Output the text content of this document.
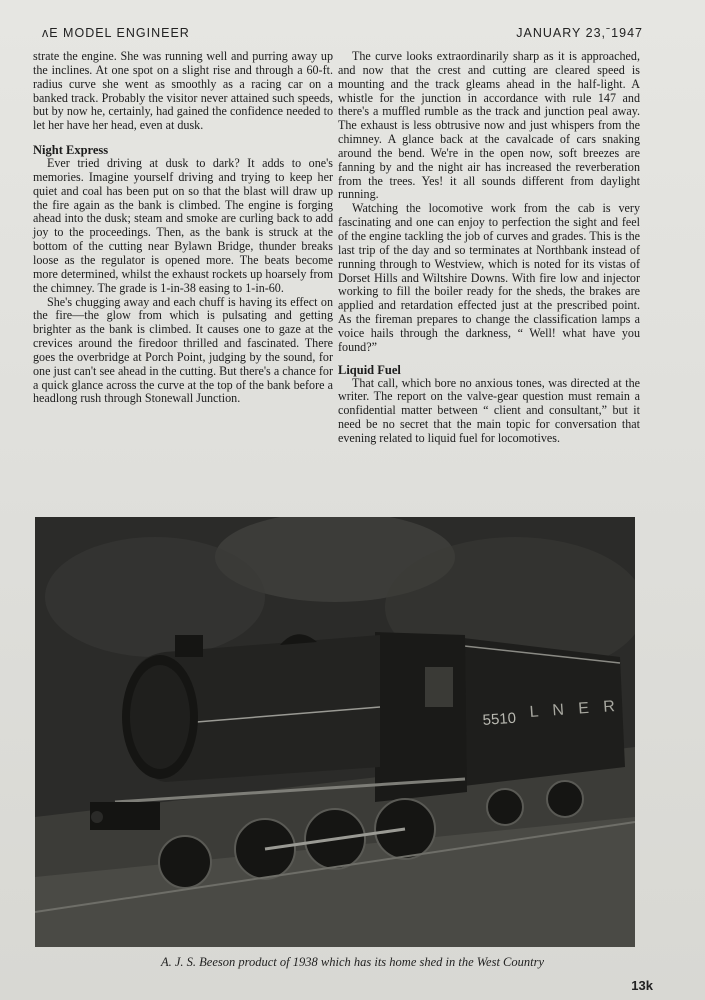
ʌE MODEL ENGINEER	JANUARY 23,ˉ1947

strate the engine. She was running well and purring away up the inclines. At one spot on a slight rise and through a 60-ft. radius curve she went as smoothly as a racing car on a banked track. Probably the visitor never attained such speeds, but by now he, certainly, had gained the confidence needed to let her have her head, even at dusk.

Night Express

Ever tried driving at dusk to dark? It adds to one's memories. Imagine yourself driving and trying to keep her quiet and coal has been put on so that the blast will draw up the fire again as the bank is climbed. The engine is forging ahead into the dusk; steam and smoke are curling back to add joy to the proceedings. Then, as the bank is struck at the bottom of the cutting near Bylawn Bridge, thunder breaks loose as the regulator is opened more. The beats become more determined, whilst the exhaust rockets up hoarsely from the chimney. The grade is 1-in-38 easing to 1-in-60.

She's chugging away and each chuff is having its effect on the fire—the glow from which is pulsating and getting brighter as the bank is climbed. It causes one to gaze at the crevices around the firedoor thrilled and fascinated. There goes the overbridge at Porch Point, judging by the sound, for one just can't see ahead in the cutting. But there's a chance for a quick glance across the curve at the top of the bank before a headlong rush through Stonewall Junction.

The curve looks extraordinarily sharp as it is approached, and now that the crest and cutting are cleared speed is mounting and the track gleams ahead in the half-light. A whistle for the junction in accordance with rule 147 and there's a muffled rumble as the track and junction peal away. The exhaust is less obtrusive now and just whispers from the chimney. A glance back at the cavalcade of cars snaking around the bend. We're in the open now, soft breezes are fanning by and the night air has increased the reverberation from the trees. Yes! it all sounds different from daylight running.

Watching the locomotive work from the cab is very fascinating and one can enjoy to perfection the sight and feel of the engine tackling the job of curves and grades. This is the last trip of the day and so terminates at Northbank instead of running through to Westview, which is noted for its vistas of Dorset Hills and Wiltshire Downs. With fire low and injector working to fill the boiler ready for the sheds, the brakes are applied and retardation effected just at the prescribed point. As the fireman prepares to change the classification lamps a voice hails through the darkness, “ Well! what have you found?”

Liquid Fuel

That call, which bore no anxious tones, was directed at the writer. The report on the valve-gear question must remain a confidential matter between “ client and consultant,” but it need be no secret that the main topic for conversation that evening related to liquid fuel for locomotives.

5510 L N E R
A. J. S. Beeson product of 1938 which has its home shed in the West Country
13k
